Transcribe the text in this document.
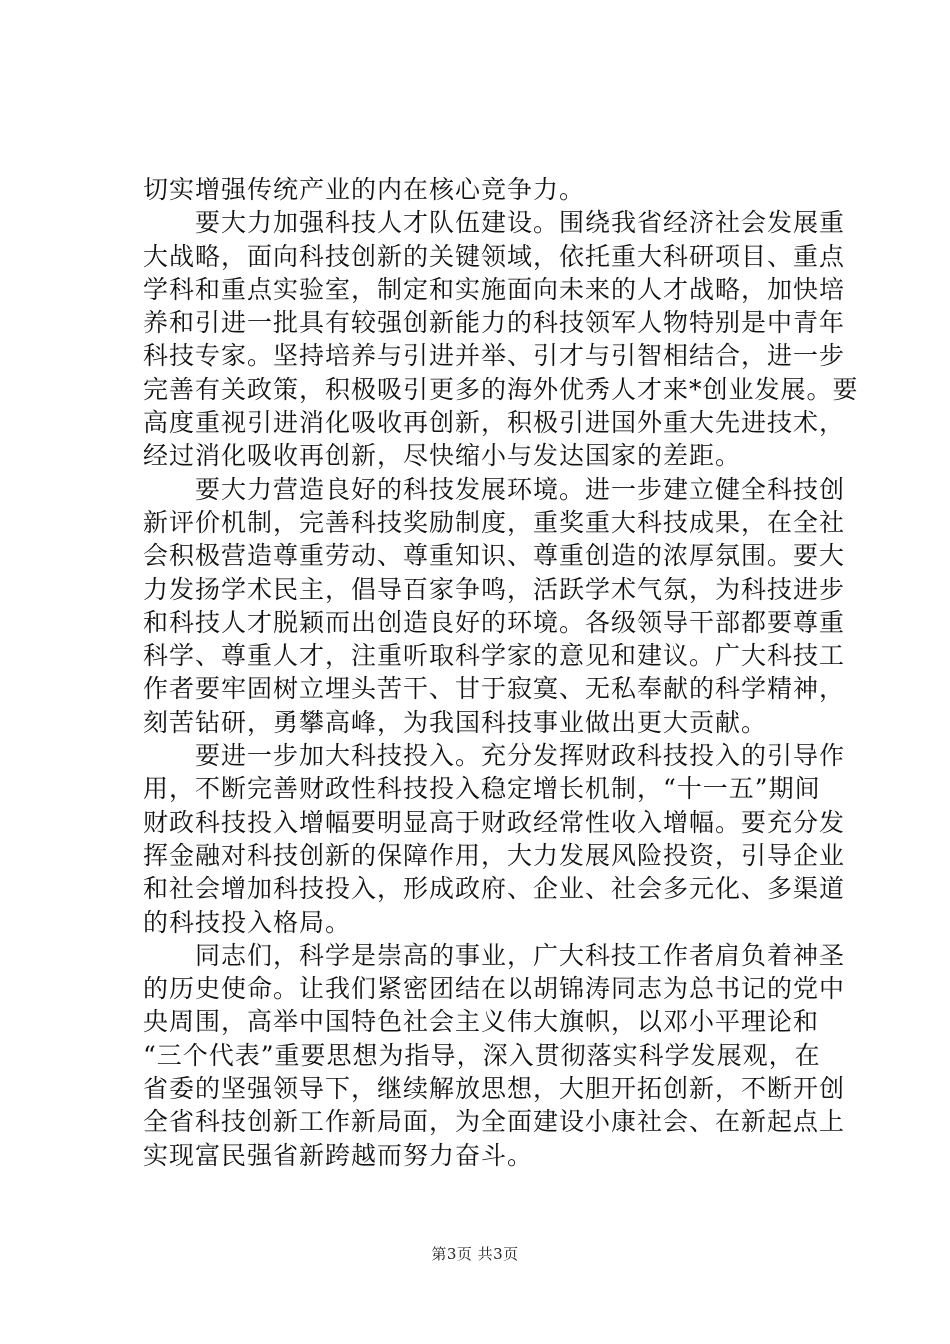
切实增强传统产业的内在核心竞争力。
　　要大力加强科技人才队伍建设。围绕我省经济社会发展重
大战略，面向科技创新的关键领域，依托重大科研项目、重点
学科和重点实验室，制定和实施面向未来的人才战略，加快培
养和引进一批具有较强创新能力的科技领军人物特别是中青年
科技专家。坚持培养与引进并举、引才与引智相结合，进一步
完善有关政策，积极吸引更多的海外优秀人才来*创业发展。要
高度重视引进消化吸收再创新，积极引进国外重大先进技术，
经过消化吸收再创新，尽快缩小与发达国家的差距。
　　要大力营造良好的科技发展环境。进一步建立健全科技创
新评价机制，完善科技奖励制度，重奖重大科技成果，在全社
会积极营造尊重劳动、尊重知识、尊重创造的浓厚氛围。要大
力发扬学术民主，倡导百家争鸣，活跃学术气氛，为科技进步
和科技人才脱颖而出创造良好的环境。各级领导干部都要尊重
科学、尊重人才，注重听取科学家的意见和建议。广大科技工
作者要牢固树立埋头苦干、甘于寂寞、无私奉献的科学精神，
刻苦钻研，勇攀高峰，为我国科技事业做出更大贡献。
　　要进一步加大科技投入。充分发挥财政科技投入的引导作
用，不断完善财政性科技投入稳定增长机制，“十一五”期间
财政科技投入增幅要明显高于财政经常性收入增幅。要充分发
挥金融对科技创新的保障作用，大力发展风险投资，引导企业
和社会增加科技投入，形成政府、企业、社会多元化、多渠道
的科技投入格局。
　　同志们，科学是崇高的事业，广大科技工作者肩负着神圣
的历史使命。让我们紧密团结在以胡锦涛同志为总书记的党中
央周围，高举中国特色社会主义伟大旗帜，以邓小平理论和
“三个代表”重要思想为指导，深入贯彻落实科学发展观，在
省委的坚强领导下，继续解放思想，大胆开拓创新，不断开创
全省科技创新工作新局面，为全面建设小康社会、在新起点上
实现富民强省新跨越而努力奋斗。
第3页 共3页
